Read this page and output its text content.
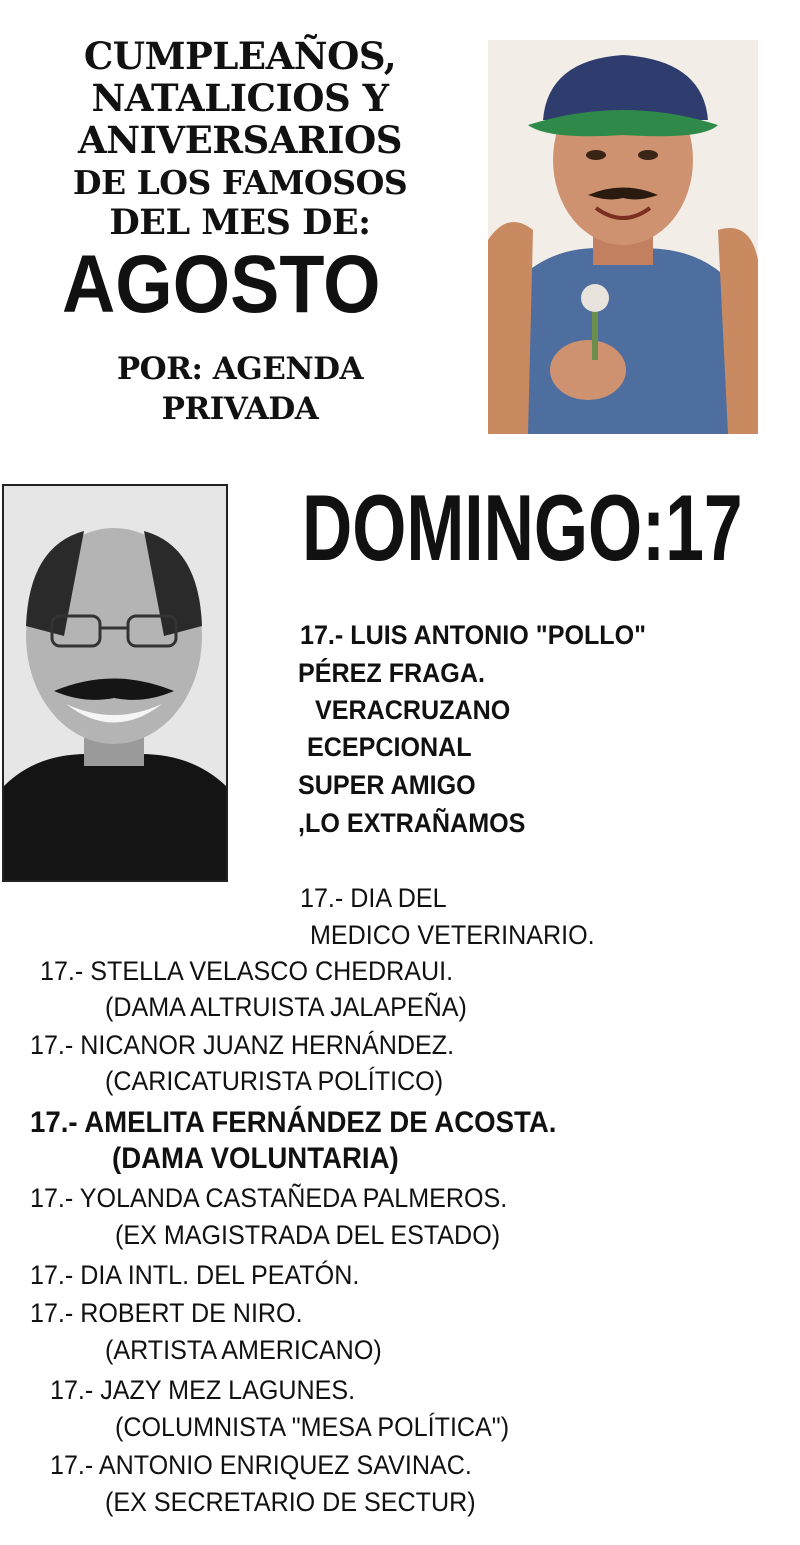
CUMPLEAÑOS,
NATALICIOS Y
ANIVERSARIOS
DE LOS FAMOSOS
DEL MES DE:
AGOSTO
POR: AGENDA
PRIVADA
DOMINGO:17
17.- LUIS ANTONIO "POLLO"
PÉREZ FRAGA.
VERACRUZANO
ECEPCIONAL
SUPER AMIGO
,LO EXTRAÑAMOS
17.- DIA DEL
MEDICO VETERINARIO.
17.- STELLA VELASCO CHEDRAUI.
(DAMA ALTRUISTA JALAPEÑA)
17.- NICANOR JUANZ HERNÁNDEZ.
(CARICATURISTA POLÍTICO)
17.- AMELITA FERNÁNDEZ DE ACOSTA.
(DAMA VOLUNTARIA)
17.- YOLANDA CASTAÑEDA PALMEROS.
(EX MAGISTRADA DEL ESTADO)
17.- DIA INTL. DEL PEATÓN.
17.- ROBERT DE NIRO.
(ARTISTA AMERICANO)
17.- JAZY MEZ LAGUNES.
(COLUMNISTA "MESA POLÍTICA")
17.- ANTONIO ENRIQUEZ SAVINAC.
(EX SECRETARIO DE SECTUR)
